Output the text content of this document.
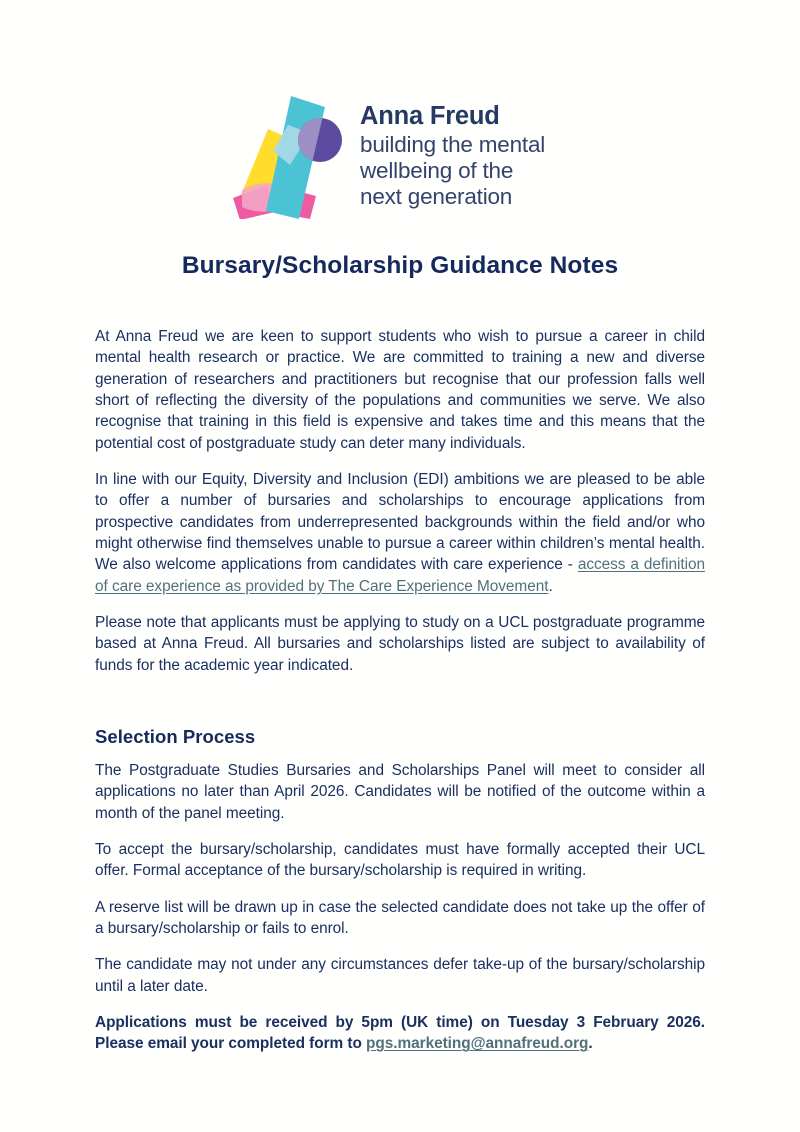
Anna Freud
building the mental
wellbeing of the
next generation
Bursary/Scholarship Guidance Notes

At Anna Freud we are keen to support students who wish to pursue a career in child mental health research or practice. We are committed to training a new and diverse generation of researchers and practitioners but recognise that our profession falls well short of reflecting the diversity of the populations and communities we serve. We also recognise that training in this field is expensive and takes time and this means that the potential cost of postgraduate study can deter many individuals.

In line with our Equity, Diversity and Inclusion (EDI) ambitions we are pleased to be able to offer a number of bursaries and scholarships to encourage applications from prospective candidates from underrepresented backgrounds within the field and/or who might otherwise find themselves unable to pursue a career within children’s mental health. We also welcome applications from candidates with care experience - access a definition of care experience as provided by The Care Experience Movement.

Please note that applicants must be applying to study on a UCL postgraduate programme based at Anna Freud. All bursaries and scholarships listed are subject to availability of funds for the academic year indicated.

Selection Process

The Postgraduate Studies Bursaries and Scholarships Panel will meet to consider all applications no later than April 2026. Candidates will be notified of the outcome within a month of the panel meeting.

To accept the bursary/scholarship, candidates must have formally accepted their UCL offer. Formal acceptance of the bursary/scholarship is required in writing.

A reserve list will be drawn up in case the selected candidate does not take up the offer of a bursary/scholarship or fails to enrol.

The candidate may not under any circumstances defer take-up of the bursary/scholarship until a later date.

Applications must be received by 5pm (UK time) on Tuesday 3 February 2026. Please email your completed form to pgs.marketing@annafreud.org.
